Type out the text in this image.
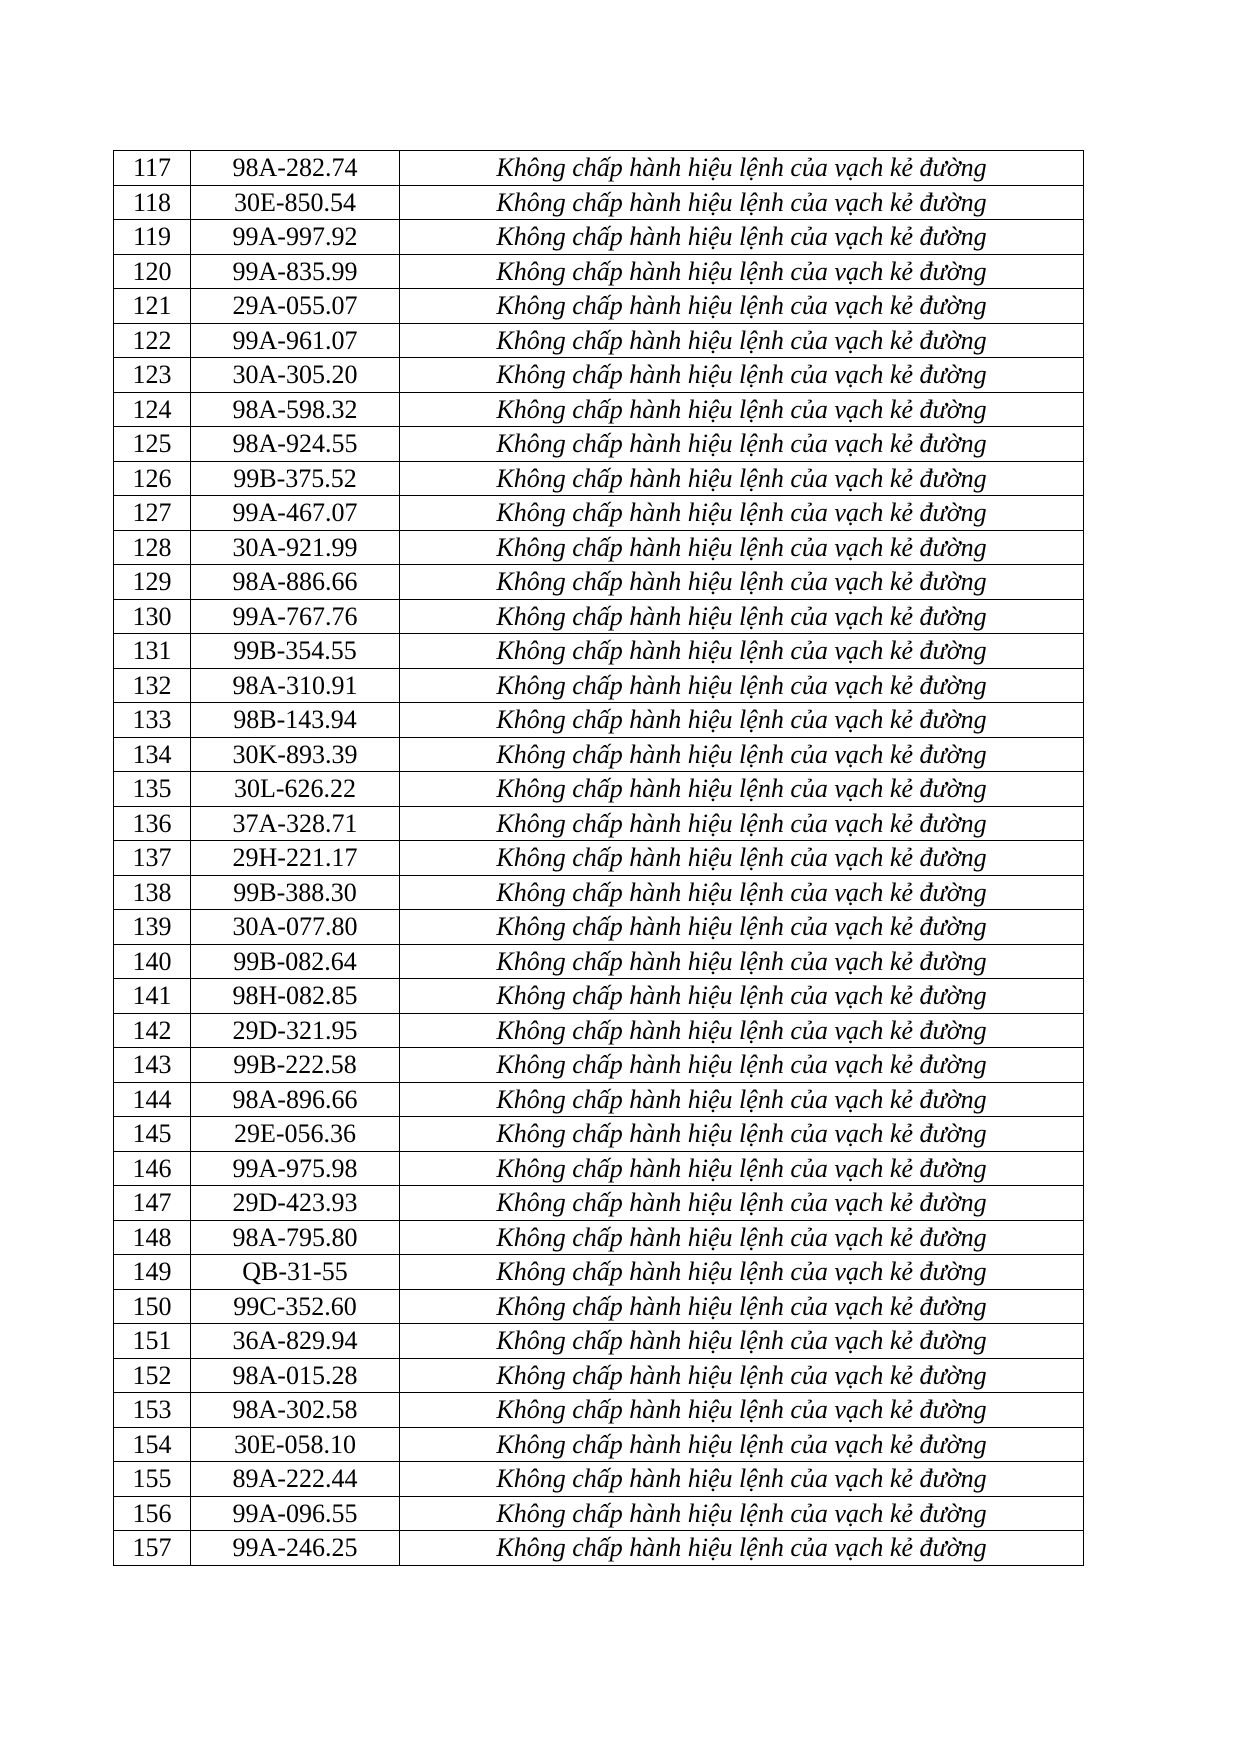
117	98A-282.74	Không chấp hành hiệu lệnh của vạch kẻ đường
118	30E-850.54	Không chấp hành hiệu lệnh của vạch kẻ đường
119	99A-997.92	Không chấp hành hiệu lệnh của vạch kẻ đường
120	99A-835.99	Không chấp hành hiệu lệnh của vạch kẻ đường
121	29A-055.07	Không chấp hành hiệu lệnh của vạch kẻ đường
122	99A-961.07	Không chấp hành hiệu lệnh của vạch kẻ đường
123	30A-305.20	Không chấp hành hiệu lệnh của vạch kẻ đường
124	98A-598.32	Không chấp hành hiệu lệnh của vạch kẻ đường
125	98A-924.55	Không chấp hành hiệu lệnh của vạch kẻ đường
126	99B-375.52	Không chấp hành hiệu lệnh của vạch kẻ đường
127	99A-467.07	Không chấp hành hiệu lệnh của vạch kẻ đường
128	30A-921.99	Không chấp hành hiệu lệnh của vạch kẻ đường
129	98A-886.66	Không chấp hành hiệu lệnh của vạch kẻ đường
130	99A-767.76	Không chấp hành hiệu lệnh của vạch kẻ đường
131	99B-354.55	Không chấp hành hiệu lệnh của vạch kẻ đường
132	98A-310.91	Không chấp hành hiệu lệnh của vạch kẻ đường
133	98B-143.94	Không chấp hành hiệu lệnh của vạch kẻ đường
134	30K-893.39	Không chấp hành hiệu lệnh của vạch kẻ đường
135	30L-626.22	Không chấp hành hiệu lệnh của vạch kẻ đường
136	37A-328.71	Không chấp hành hiệu lệnh của vạch kẻ đường
137	29H-221.17	Không chấp hành hiệu lệnh của vạch kẻ đường
138	99B-388.30	Không chấp hành hiệu lệnh của vạch kẻ đường
139	30A-077.80	Không chấp hành hiệu lệnh của vạch kẻ đường
140	99B-082.64	Không chấp hành hiệu lệnh của vạch kẻ đường
141	98H-082.85	Không chấp hành hiệu lệnh của vạch kẻ đường
142	29D-321.95	Không chấp hành hiệu lệnh của vạch kẻ đường
143	99B-222.58	Không chấp hành hiệu lệnh của vạch kẻ đường
144	98A-896.66	Không chấp hành hiệu lệnh của vạch kẻ đường
145	29E-056.36	Không chấp hành hiệu lệnh của vạch kẻ đường
146	99A-975.98	Không chấp hành hiệu lệnh của vạch kẻ đường
147	29D-423.93	Không chấp hành hiệu lệnh của vạch kẻ đường
148	98A-795.80	Không chấp hành hiệu lệnh của vạch kẻ đường
149	QB-31-55	Không chấp hành hiệu lệnh của vạch kẻ đường
150	99C-352.60	Không chấp hành hiệu lệnh của vạch kẻ đường
151	36A-829.94	Không chấp hành hiệu lệnh của vạch kẻ đường
152	98A-015.28	Không chấp hành hiệu lệnh của vạch kẻ đường
153	98A-302.58	Không chấp hành hiệu lệnh của vạch kẻ đường
154	30E-058.10	Không chấp hành hiệu lệnh của vạch kẻ đường
155	89A-222.44	Không chấp hành hiệu lệnh của vạch kẻ đường
156	99A-096.55	Không chấp hành hiệu lệnh của vạch kẻ đường
157	99A-246.25	Không chấp hành hiệu lệnh của vạch kẻ đường
